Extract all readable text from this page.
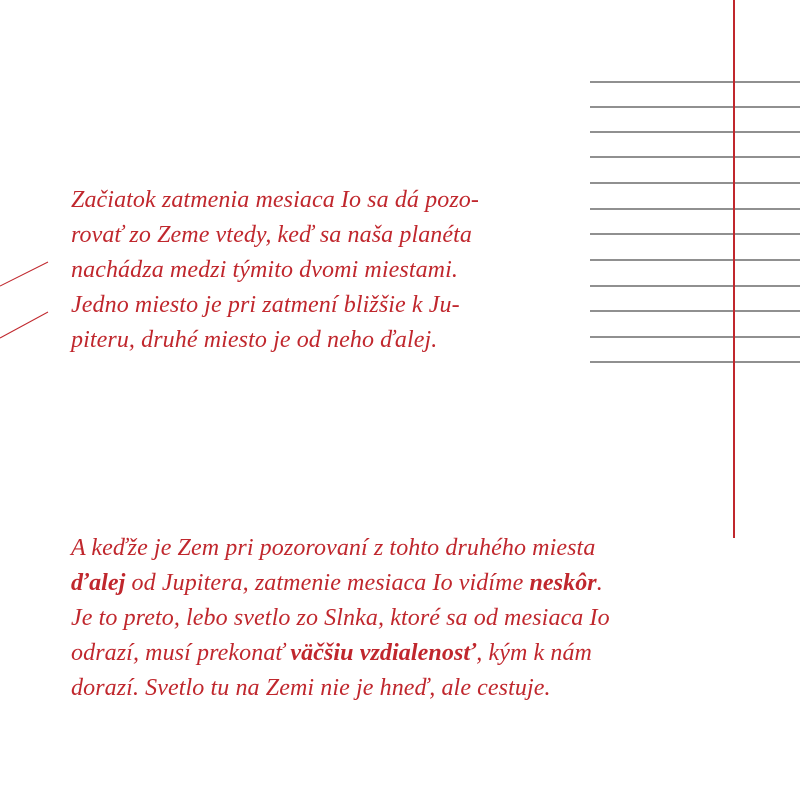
Začiatok zatmenia mesiaca Io sa dá pozo-
rovať zo Zeme vtedy, keď sa naša planéta
nachádza medzi týmito dvomi miestami.
Jedno miesto je pri zatmení bližšie k Ju-
piteru, druhé miesto je od neho ďalej.

A keďže je Zem pri pozorovaní z tohto druhého miesta
ďalej od Jupitera, zatmenie mesiaca Io vidíme neskôr.
Je to preto, lebo svetlo zo Slnka, ktoré sa od mesiaca Io
odrazí, musí prekonať väčšiu vzdialenosť, kým k nám
dorazí. Svetlo tu na Zemi nie je hneď, ale cestuje.
